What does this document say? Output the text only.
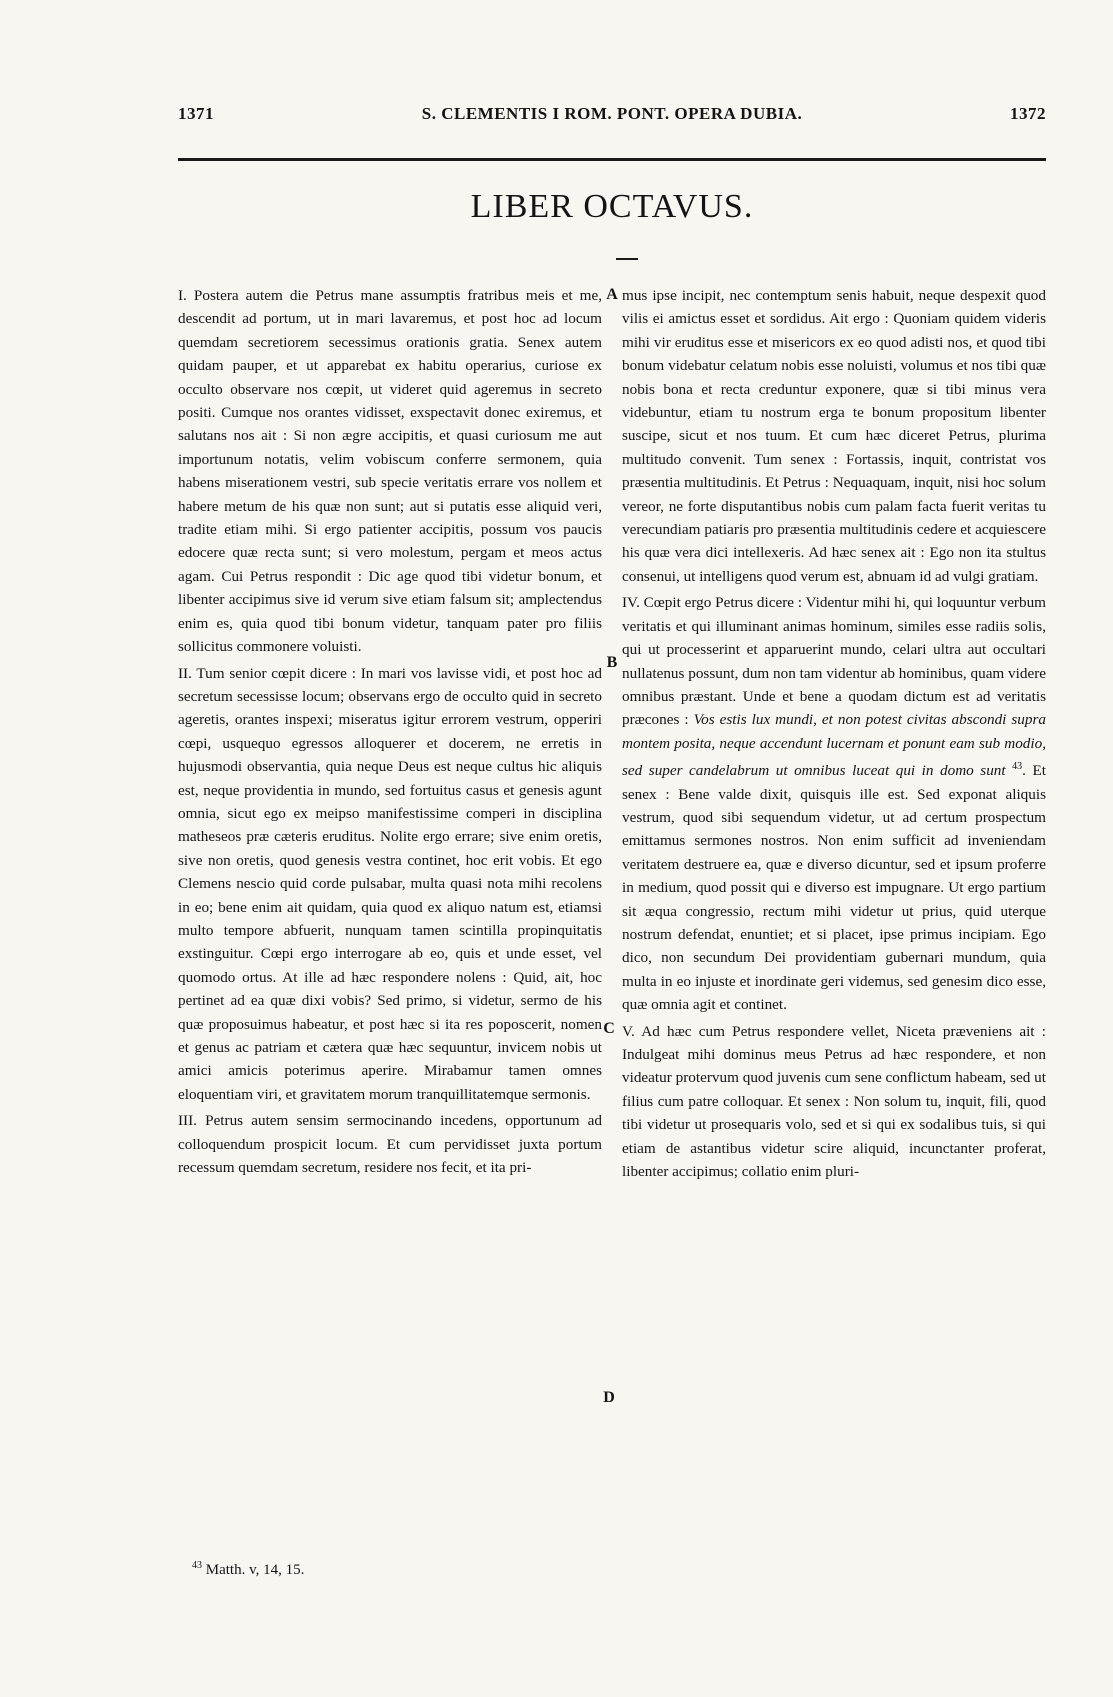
1371	S. CLEMENTIS I ROM. PONT. OPERA DUBIA.	1372
LIBER OCTAVUS.

I. Postera autem die Petrus mane assumptis fratribus meis et me, descendit ad portum, ut in mari lavaremus, et post hoc ad locum quemdam secretiorem secessimus orationis gratia. Senex autem quidam pauper, et ut apparebat ex habitu operarius, curiose ex occulto observare nos cœpit, ut videret quid ageremus in secreto positi. Cumque nos orantes vidisset, exspectavit donec exiremus, et salutans nos ait : Si non ægre accipitis, et quasi curiosum me aut importunum notatis, velim vobiscum conferre sermonem, quia habens miserationem vestri, sub specie veritatis errare vos nollem et habere metum de his quæ non sunt; aut si putatis esse aliquid veri, tradite etiam mihi. Si ergo patienter accipitis, possum vos paucis edocere quæ recta sunt; si vero molestum, pergam et meos actus agam. Cui Petrus respondit : Dic age quod tibi videtur bonum, et libenter accipimus sive id verum sive etiam falsum sit; amplectendus enim es, quia quod tibi bonum videtur, tanquam pater pro filiis sollicitus commonere voluisti.

II. Tum senior cœpit dicere : In mari vos lavisse vidi, et post hoc ad secretum secessisse locum; observans ergo de occulto quid in secreto ageretis, orantes inspexi; miseratus igitur errorem vestrum, opperiri cœpi, usquequo egressos alloquerer et docerem, ne erretis in hujusmodi observantia, quia neque Deus est neque cultus hic aliquis est, neque providentia in mundo, sed fortuitus casus et genesis agunt omnia, sicut ego ex meipso manifestissime comperi in disciplina matheseos præ cæteris eruditus. Nolite ergo errare; sive enim oretis, sive non oretis, quod genesis vestra continet, hoc erit vobis. Et ego Clemens nescio quid corde pulsabar, multa quasi nota mihi recolens in eo; bene enim ait quidam, quia quod ex aliquo natum est, etiamsi multo tempore abfuerit, nunquam tamen scintilla propinquitatis exstinguitur. Cœpi ergo interrogare ab eo, quis et unde esset, vel quomodo ortus. At ille ad hæc respondere nolens : Quid, ait, hoc pertinet ad ea quæ dixi vobis? Sed primo, si videtur, sermo de his quæ proposuimus habeatur, et post hæc si ita res poposcerit, nomen et genus ac patriam et cætera quæ hæc sequuntur, invicem nobis ut amici amicis poterimus aperire. Mirabamur tamen omnes eloquentiam viri, et gravitatem morum tranquillitatemque sermonis.

III. Petrus autem sensim sermocinando incedens, opportunum ad colloquendum prospicit locum. Et cum pervidisset juxta portum recessum quemdam secretum, residere nos fecit, et ita pri-

A
B
C
D

mus ipse incipit, nec contemptum senis habuit, neque despexit quod vilis ei amictus esset et sordidus. Ait ergo : Quoniam quidem videris mihi vir eruditus esse et misericors ex eo quod adisti nos, et quod tibi bonum videbatur celatum nobis esse noluisti, volumus et nos tibi quæ nobis bona et recta creduntur exponere, quæ si tibi minus vera videbuntur, etiam tu nostrum erga te bonum propositum libenter suscipe, sicut et nos tuum. Et cum hæc diceret Petrus, plurima multitudo convenit. Tum senex : Fortassis, inquit, contristat vos præsentia multitudinis. Et Petrus : Nequaquam, inquit, nisi hoc solum vereor, ne forte disputantibus nobis cum palam facta fuerit veritas tu verecundiam patiaris pro præsentia multitudinis cedere et acquiescere his quæ vera dici intellexeris. Ad hæc senex ait : Ego non ita stultus consenui, ut intelligens quod verum est, abnuam id ad vulgi gratiam.

IV. Cœpit ergo Petrus dicere : Videntur mihi hi, qui loquuntur verbum veritatis et qui illuminant animas hominum, similes esse radiis solis, qui ut processerint et apparuerint mundo, celari ultra aut occultari nullatenus possunt, dum non tam videntur ab hominibus, quam videre omnibus præstant. Unde et bene a quodam dictum est ad veritatis præcones : Vos estis lux mundi, et non potest civitas abscondi supra montem posita, neque accendunt lucernam et ponunt eam sub modio, sed super candelabrum ut omnibus luceat qui in domo sunt $^{43}$. Et senex : Bene valde dixit, quisquis ille est. Sed exponat aliquis vestrum, quod sibi sequendum videtur, ut ad certum prospectum emittamus sermones nostros. Non enim sufficit ad inveniendam veritatem destruere ea, quæ e diverso dicuntur, sed et ipsum proferre in medium, quod possit qui e diverso est impugnare. Ut ergo partium sit æqua congressio, rectum mihi videtur ut prius, quid uterque nostrum defendat, enuntiet; et si placet, ipse primus incipiam. Ego dico, non secundum Dei providentiam gubernari mundum, quia multa in eo injuste et inordinate geri videmus, sed genesim dico esse, quæ omnia agit et continet.

V. Ad hæc cum Petrus respondere vellet, Niceta præveniens ait : Indulgeat mihi dominus meus Petrus ad hæc respondere, et non videatur protervum quod juvenis cum sene conflictum habeam, sed ut filius cum patre colloquar. Et senex : Non solum tu, inquit, fili, quod tibi videtur ut prosequaris volo, sed et si qui ex sodalibus tuis, si qui etiam de astantibus videtur scire aliquid, incunctanter proferat, libenter accipimus; collatio enim pluri-

$^{43}$ Matth. v, 14, 15.
